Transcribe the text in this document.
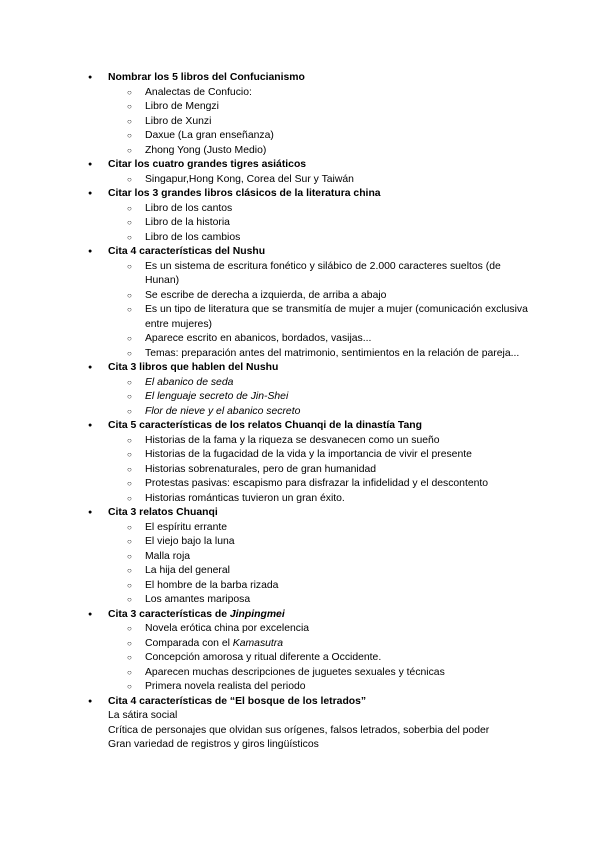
● Nombrar los 5 libros del Confucianismo

○ Analectas de Confucio:
○ Libro de Mengzi
○ Libro de Xunzi
○ Daxue (La gran enseñanza)
○ Zhong Yong (Justo Medio)

● Citar los cuatro grandes tigres asiáticos

○ Singapur,Hong Kong, Corea del Sur y Taiwán

● Citar los 3 grandes libros clásicos de la literatura china

○ Libro de los cantos
○ Libro de la historia
○ Libro de los cambios

● Cita 4 características del Nushu

○ Es un sistema de escritura fonético y silábico de 2.000 caracteres sueltos (de Hunan)
○ Se escribe de derecha a izquierda, de arriba a abajo
○ Es un tipo de literatura que se transmitía de mujer a mujer (comunicación exclusiva entre mujeres)
○ Aparece escrito en abanicos, bordados, vasijas...
○ Temas: preparación antes del matrimonio, sentimientos en la relación de pareja...

● Cita 3 libros que hablen del Nushu

○ El abanico de seda
○ El lenguaje secreto de Jin-Shei
○ Flor de nieve y el abanico secreto

● Cita 5 características de los relatos Chuanqi de la dinastía Tang

○ Historias de la fama y la riqueza se desvanecen como un sueño
○ Historias de la fugacidad de la vida y la importancia de vivir el presente
○ Historias sobrenaturales, pero de gran humanidad
○ Protestas pasivas: escapismo para disfrazar la infidelidad y el descontento
○ Historias románticas tuvieron un gran éxito.

● Cita 3 relatos Chuanqi

○ El espíritu errante
○ El viejo bajo la luna
○ Malla roja
○ La hija del general
○ El hombre de la barba rizada
○ Los amantes mariposa

● Cita 3 características de Jinpingmei

○ Novela erótica china por excelencia
○ Comparada con el Kamasutra
○ Concepción amorosa y ritual diferente a Occidente.
○ Aparecen muchas descripciones de juguetes sexuales y técnicas
○ Primera novela realista del periodo

● Cita 4 características de “El bosque de los letrados”

La sátira social
Crítica de personajes que olvidan sus orígenes, falsos letrados, soberbia del poder
Gran variedad de registros y giros lingüísticos
